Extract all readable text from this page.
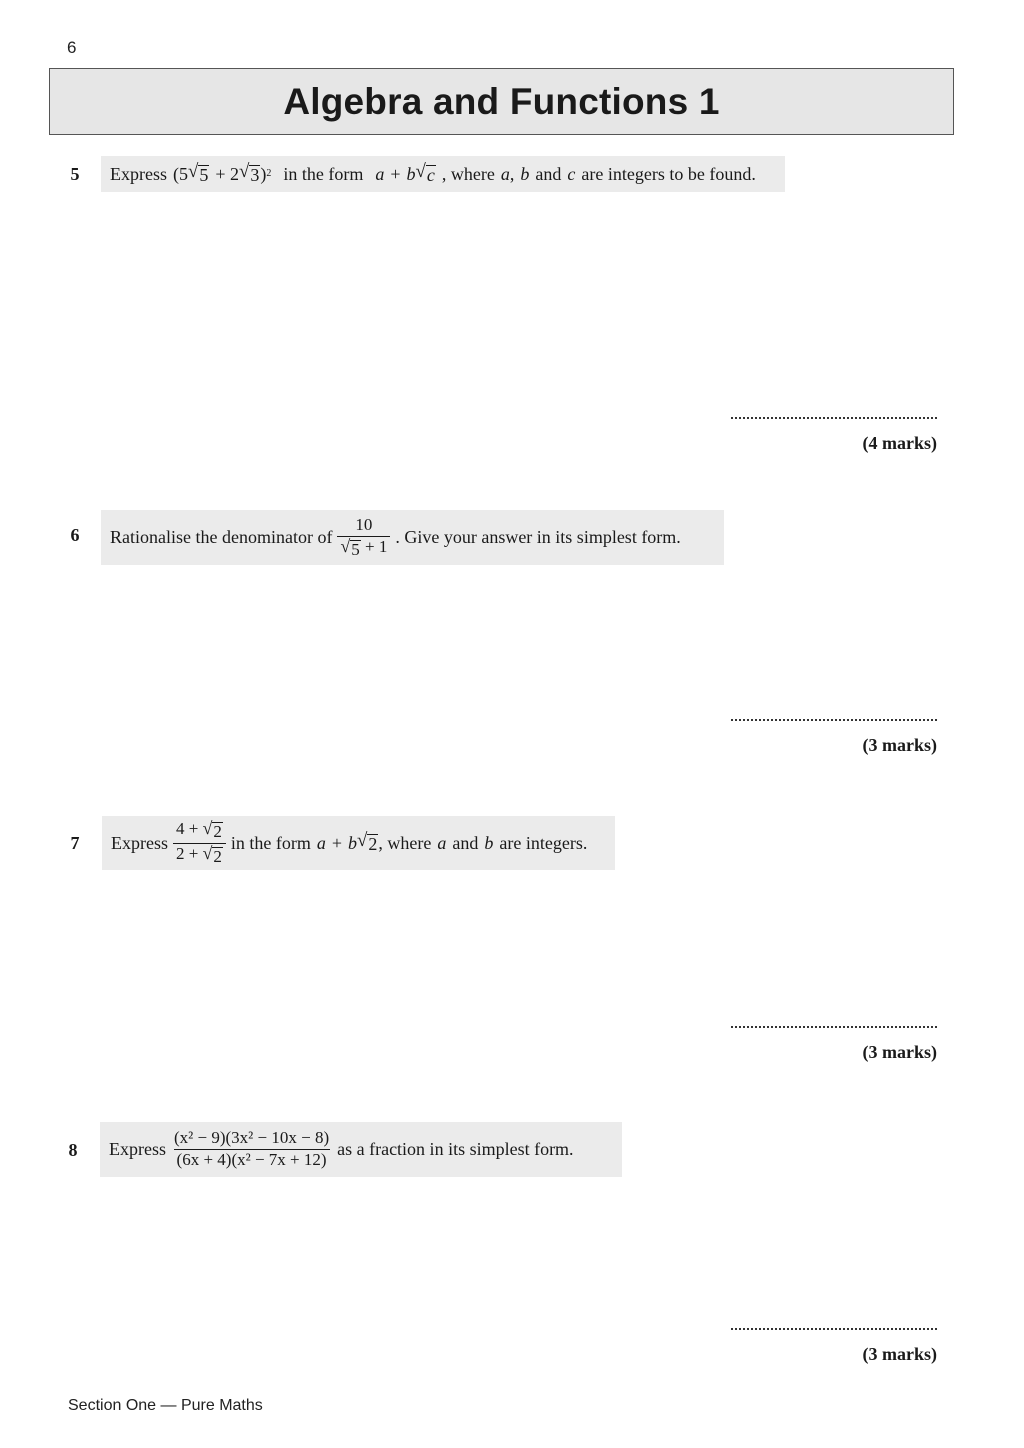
6
Algebra and Functions 1
5	Express (5 √ 5 + 2 √ 3 ) 2 in the form a + b √ c , where a , b and c are integers to be found.
(4 marks)
6	Rationalise the denominator of $\frac{10}{√ 5 + 1}$ . Give your answer in its simplest form.
(3 marks)
7	Express $\frac{4 + √ 2}{2 + √ 2}$ in the form a + b √ 2 , where a and b are integers.
(3 marks)
8	Express $\frac{\text{(x² − 9)(3x² − 10x − 8)}}{\text{(6x + 4)(x² − 7x + 12)}}$ as a fraction in its simplest form.
(3 marks)
Section One — Pure Maths
